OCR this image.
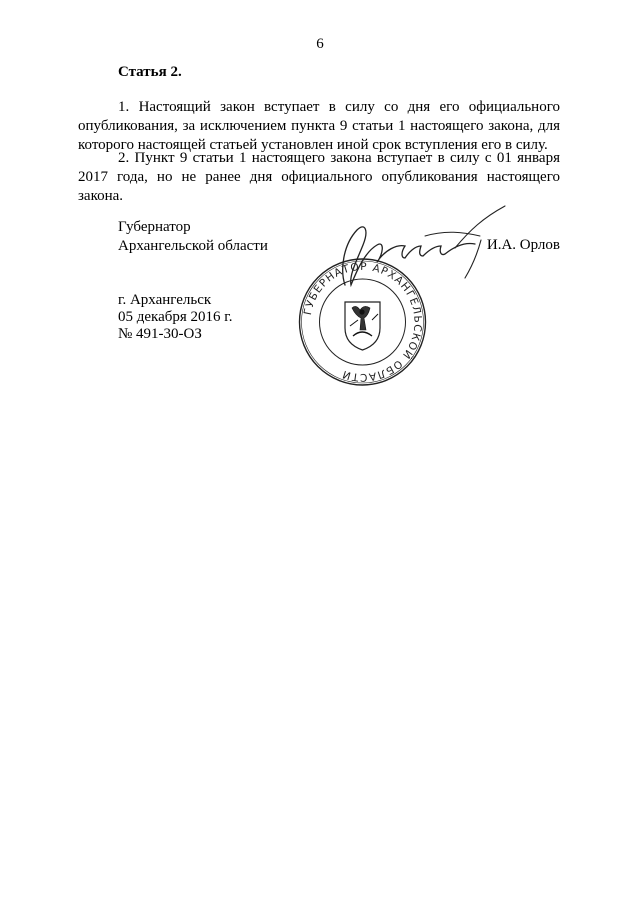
6
Статья 2.

1. Настоящий закон вступает в силу со дня его официального опубликования, за исключением пункта 9 статьи 1 настоящего закона, для которого настоящей статьей установлен иной срок вступления его в силу.

2. Пункт 9 статьи 1 настоящего закона вступает в силу с 01 января 2017 года, но не ранее дня официального опубликования настоящего закона.

Губернатор
Архангельской области	И.А. Орлов
г. Архангельск
05 декабря 2016 г.
№ 491-30-ОЗ
ГУБЕРНАТОР АРХАНГЕЛЬСКОЙ ОБЛАСТИ
